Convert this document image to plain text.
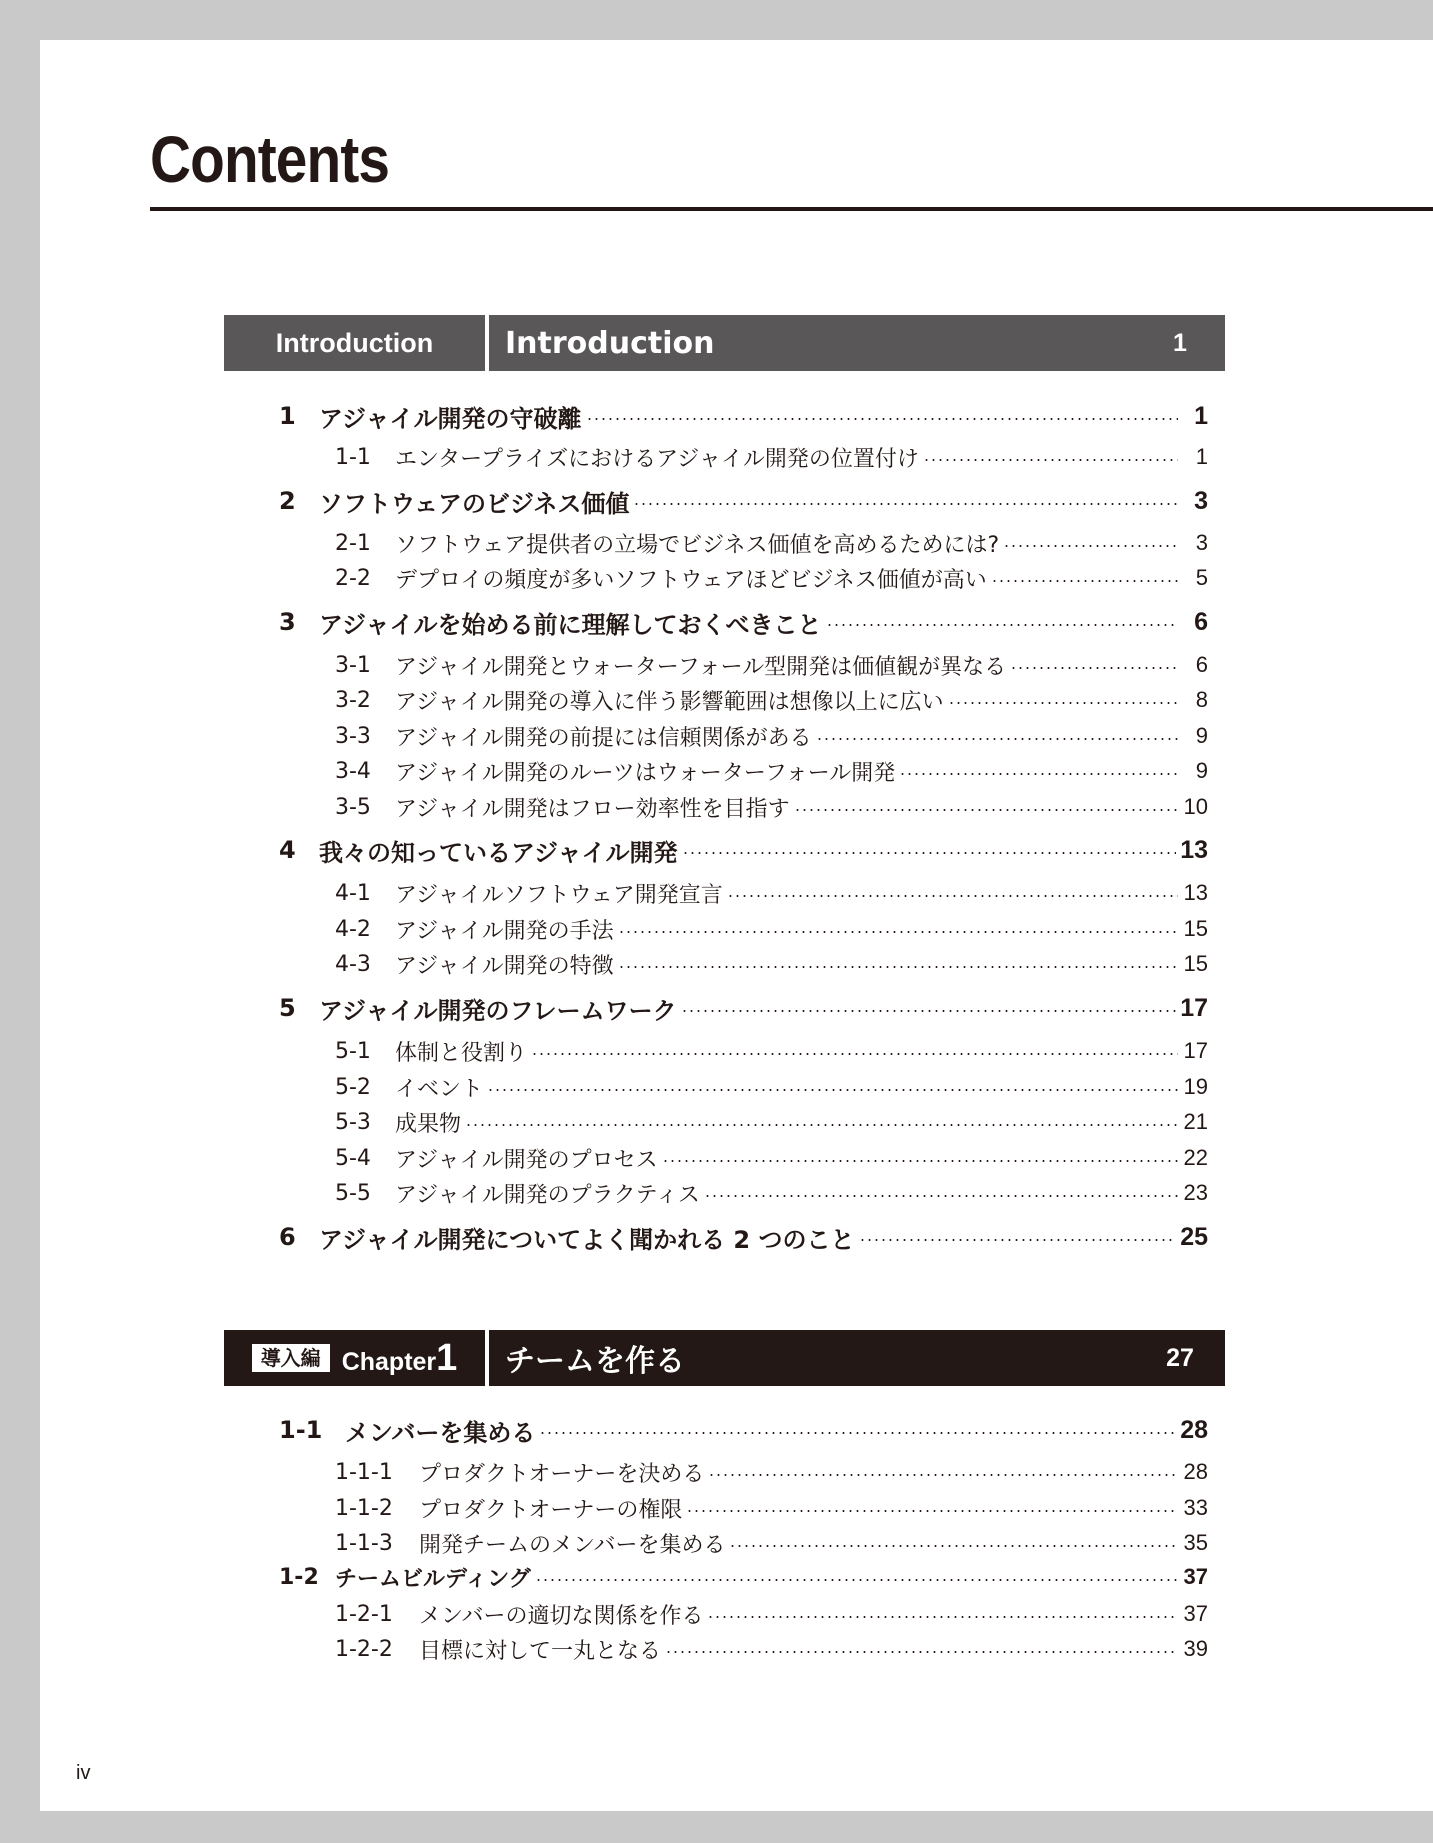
Contents
Introduction	Introduction	1
1 アジャイル開発の守破離	1
1-1	エンタープライズにおけるアジャイル開発の位置付け	1
2 ソフトウェアのビジネス価値	3
2-1	ソフトウェア提供者の立場でビジネス価値を高めるためには?	3
2-2	デプロイの頻度が多いソフトウェアほどビジネス価値が高い	5
3 アジャイルを始める前に理解しておくべきこと	6
3-1	アジャイル開発とウォーターフォール型開発は価値観が異なる	6
3-2	アジャイル開発の導入に伴う影響範囲は想像以上に広い	8
3-3	アジャイル開発の前提には信頼関係がある	9
3-4	アジャイル開発のルーツはウォーターフォール開発	9
3-5	アジャイル開発はフロー効率性を目指す	10
4 我々の知っているアジャイル開発	13
4-1	アジャイルソフトウェア開発宣言	13
4-2	アジャイル開発の手法	15
4-3	アジャイル開発の特徴	15
5 アジャイル開発のフレームワーク	17
5-1	体制と役割り	17
5-2	イベント	19
5-3	成果物	21
5-4	アジャイル開発のプロセス	22
5-5	アジャイル開発のプラクティス	23
6 アジャイル開発についてよく聞かれる 2 つのこと	25
導入編 Chapter1	チームを作る	27
1-1 メンバーを集める	28
1-1-1	プロダクトオーナーを決める	28
1-1-2	プロダクトオーナーの権限	33
1-1-3	開発チームのメンバーを集める	35
1-2 チームビルディング	37
1-2-1	メンバーの適切な関係を作る	37
1-2-2	目標に対して一丸となる	39
iv
